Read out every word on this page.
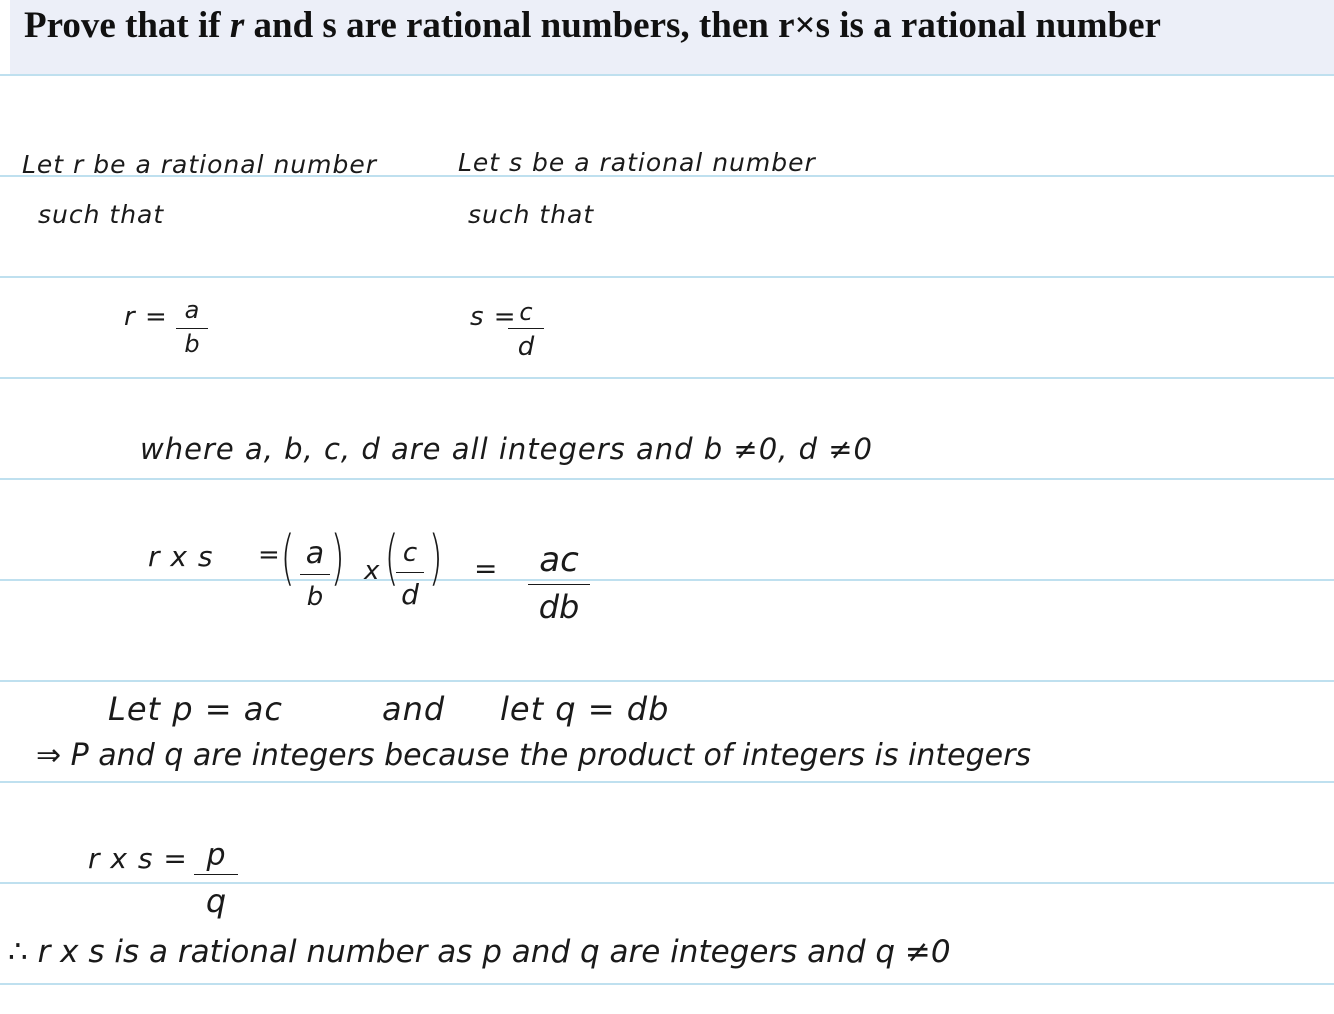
Prove that if r and s are rational numbers, then r×s is a rational number
Let r be a rational number
such that
Let s be a rational number
such that
r = a
b
s = c
d
where a, b, c, d are all integers and b ≠0, d ≠0
r x s = ( a
b
) x ( c
d
) =	ac
db
Let p = ac	and let q = db
⇒ P and q are integers because the product of integers is integers
r x s = p
q
∴ r x s is a rational number as p and q are integers and q ≠0
